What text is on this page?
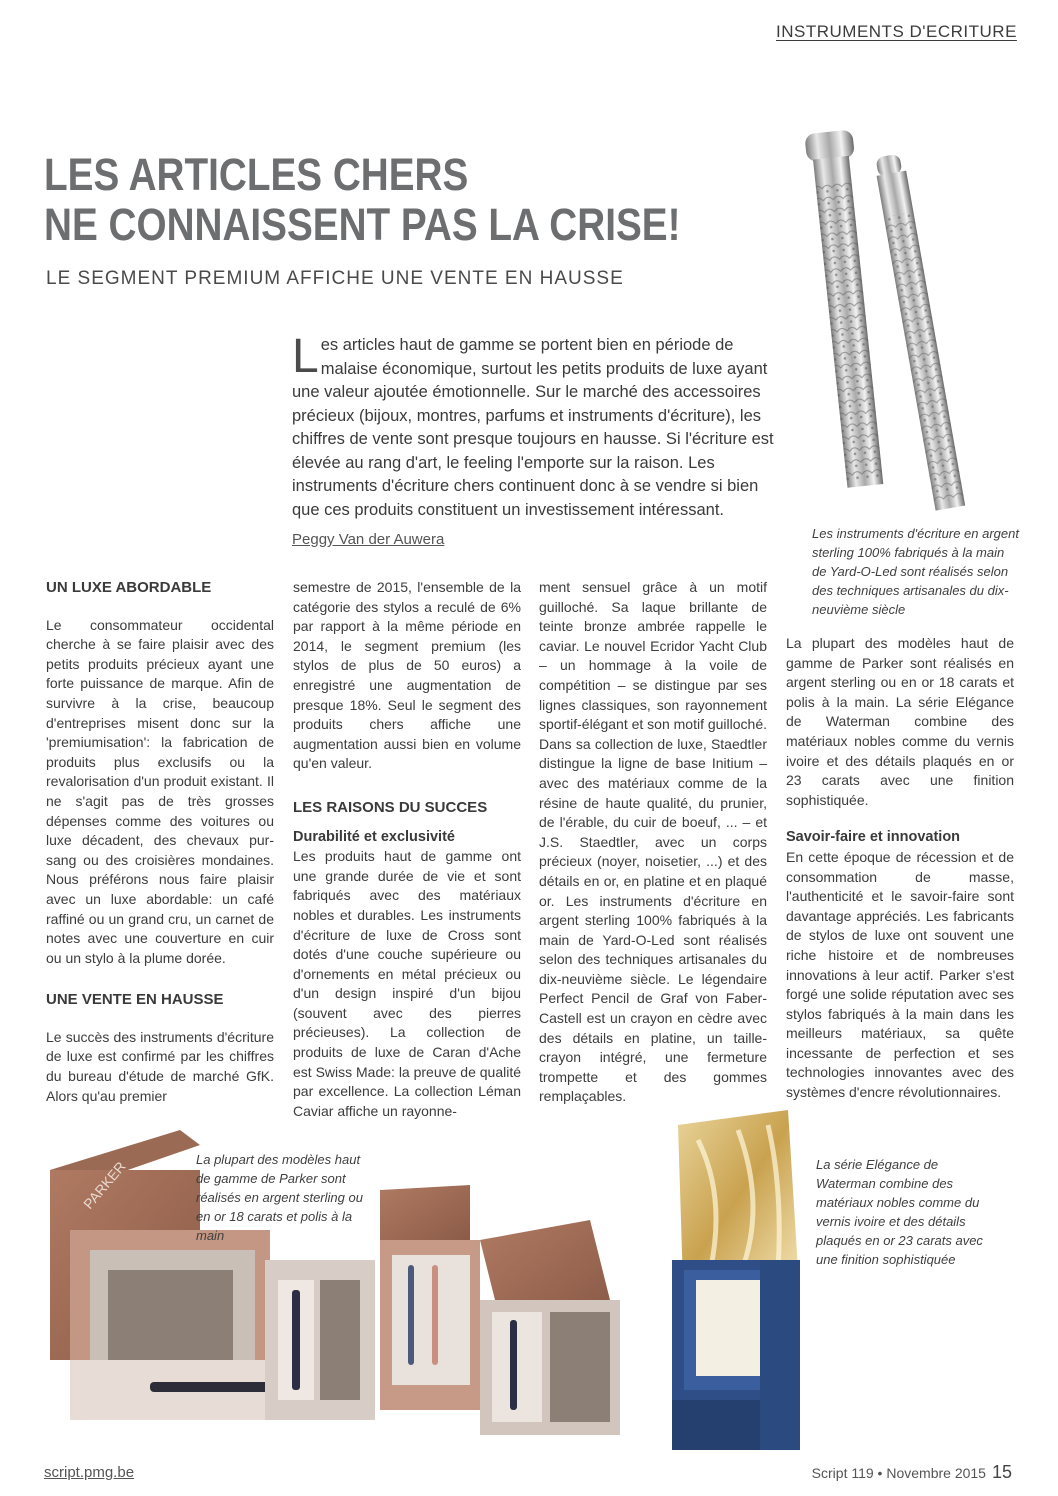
INSTRUMENTS D'ECRITURE
LES ARTICLES CHERS
NE CONNAISSENT PAS LA CRISE!
LE SEGMENT PREMIUM AFFICHE UNE VENTE EN HAUSSE
Les instruments d'écriture en argent sterling 100% fabriqués à la main de Yard-O-Led sont réalisés selon des techniques artisanales du dix-neuvième siècle
L es articles haut de gamme se portent bien en période de malaise économique, surtout les petits produits de luxe ayant une valeur ajoutée émotionnelle. Sur le marché des accessoires précieux (bijoux, montres, parfums et instruments d'écriture), les chiffres de vente sont presque toujours en hausse. Si l'écriture est élevée au rang d'art, le feeling l'emporte sur la raison. Les instruments d'écriture chers continuent donc à se vendre si bien que ces produits constituent un investissement intéressant.
Peggy Van der Auwera
UN LUXE ABORDABLE

Le consommateur occidental cherche à se faire plaisir avec des petits produits précieux ayant une forte puissance de marque. Afin de survivre à la crise, beaucoup d'entreprises misent donc sur la 'premiumisation': la fabrication de produits plus exclusifs ou la revalorisation d'un produit existant. Il ne s'agit pas de très grosses dépenses comme des voitures ou luxe décadent, des chevaux pur-sang ou des croisières mondaines. Nous préférons nous faire plaisir avec un luxe abordable: un café raffiné ou un grand cru, un carnet de notes avec une couverture en cuir ou un stylo à la plume dorée.

UNE VENTE EN HAUSSE

Le succès des instruments d'écriture de luxe est confirmé par les chiffres du bureau d'étude de marché GfK. Alors qu'au premier

semestre de 2015, l'ensemble de la catégorie des stylos a reculé de 6% par rapport à la même période en 2014, le segment premium (les stylos de plus de 50 euros) a enregistré une augmentation de presque 18%. Seul le segment des produits chers affiche une augmentation aussi bien en volume qu'en valeur.

LES RAISONS DU SUCCES
Durabilité et exclusivité

Les produits haut de gamme ont une grande durée de vie et sont fabriqués avec des matériaux nobles et durables. Les instruments d'écriture de luxe de Cross sont dotés d'une couche supérieure ou d'ornements en métal précieux ou d'un design inspiré d'un bijou (souvent avec des pierres précieuses). La collection de produits de luxe de Caran d'Ache est Swiss Made: la preuve de qualité par excellence. La collection Léman Caviar affiche un rayonne-

ment sensuel grâce à un motif guilloché. Sa laque brillante de teinte bronze ambrée rappelle le caviar. Le nouvel Ecridor Yacht Club – un hommage à la voile de compétition – se distingue par ses lignes classiques, son rayonnement sportif-élégant et son motif guilloché. Dans sa collection de luxe, Staedtler distingue la ligne de base Initium – avec des matériaux comme de la résine de haute qualité, du prunier, de l'érable, du cuir de boeuf, ... – et J.S. Staedtler, avec un corps précieux (noyer, noisetier, ...) et des détails en or, en platine et en plaqué or. Les instruments d'écriture en argent sterling 100% fabriqués à la main de Yard-O-Led sont réalisés selon des techniques artisanales du dix-neuvième siècle. Le légendaire Perfect Pencil de Graf von Faber-Castell est un crayon en cèdre avec des détails en platine, un taille-crayon intégré, une fermeture trompette et des gommes remplaçables.

La plupart des modèles haut de gamme de Parker sont réalisés en argent sterling ou en or 18 carats et polis à la main. La série Elégance de Waterman combine des matériaux nobles comme du vernis ivoire et des détails plaqués en or 23 carats avec une finition sophistiquée.

Savoir-faire et innovation

En cette époque de récession et de consommation de masse, l'authenticité et le savoir-faire sont davantage appréciés. Les fabricants de stylos de luxe ont souvent une riche histoire et de nombreuses innovations à leur actif. Parker s'est forgé une solide réputation avec ses stylos fabriqués à la main dans les meilleurs matériaux, sa quête incessante de perfection et ses technologies innovantes avec des systèmes d'encre révolutionnaires.

PARKER	La plupart des modèles haut de gamme de Parker sont réalisés en argent sterling ou en or 18 carats et polis à la main
La série Elégance de Waterman combine des matériaux nobles comme du vernis ivoire et des détails plaqués en or 23 carats avec une finition sophistiquée
script.pmg.be	Script 119 • Novembre 2015 15
